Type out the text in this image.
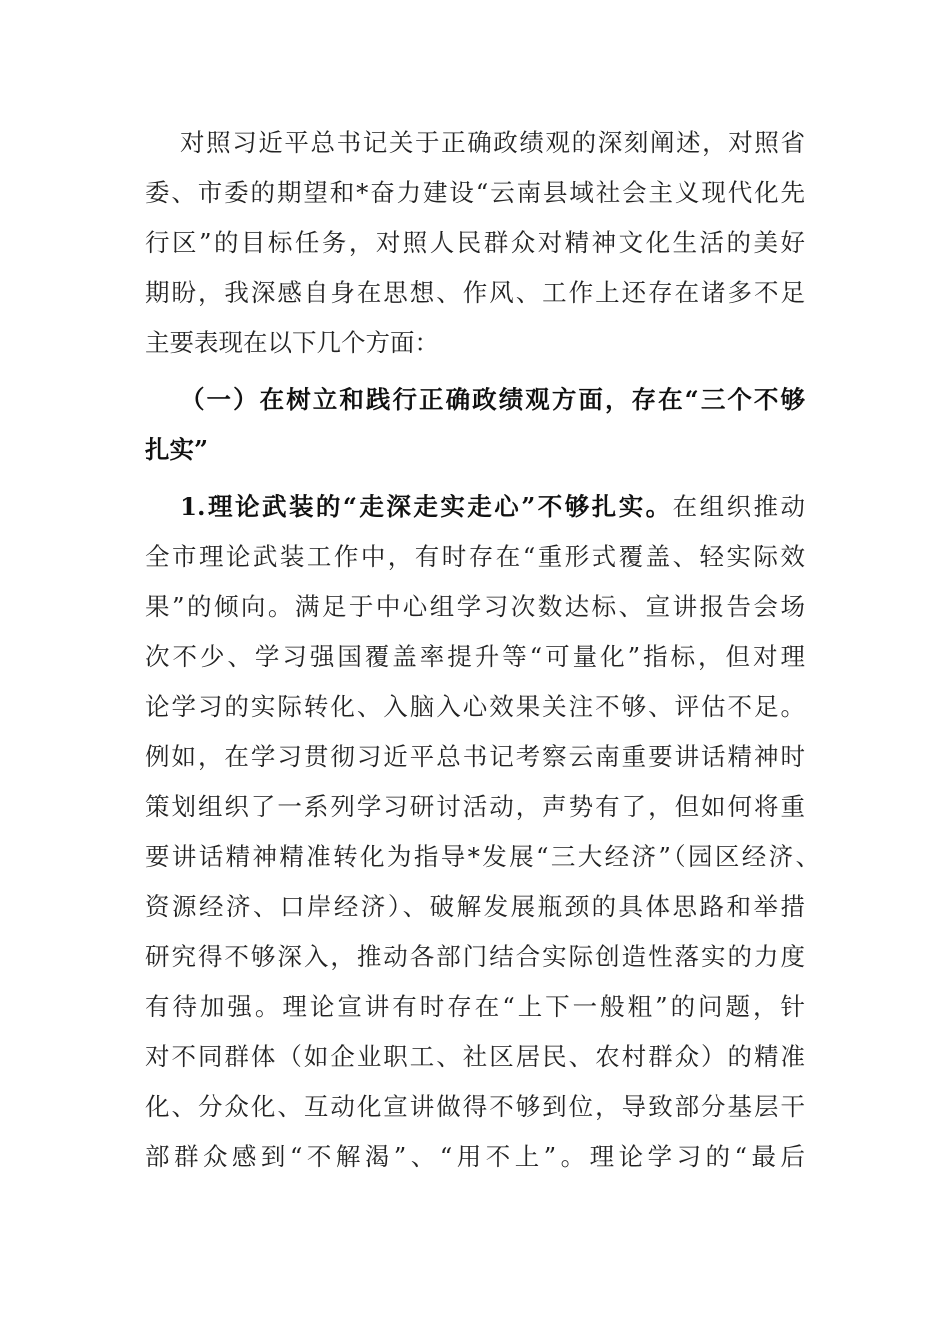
对照习近平总书记关于正确政绩观的深刻阐述，对照省
委、市委的期望和*奋力建设“云南县域社会主义现代化先
行区”的目标任务，对照人民群众对精神文化生活的美好
期盼，我深感自身在思想、作风、工作上还存在诸多不足
主要表现在以下几个方面：
（一）在树立和践行正确政绩观方面，存在“三个不够
扎实”
1.理论武装的“走深走实走心”不够扎实。在组织推动
全市理论武装工作中，有时存在“重形式覆盖、轻实际效
果”的倾向。满足于中心组学习次数达标、宣讲报告会场
次不少、学习强国覆盖率提升等“可量化”指标，但对理
论学习的实际转化、入脑入心效果关注不够、评估不足。
例如，在学习贯彻习近平总书记考察云南重要讲话精神时
策划组织了一系列学习研讨活动，声势有了，但如何将重
要讲话精神精准转化为指导*发展“三大经济”（园区经济、
资源经济、口岸经济）、破解发展瓶颈的具体思路和举措
研究得不够深入，推动各部门结合实际创造性落实的力度
有待加强。理论宣讲有时存在“上下一般粗”的问题，针
对不同群体（如企业职工、社区居民、农村群众）的精准
化、分众化、互动化宣讲做得不够到位，导致部分基层干
部群众感到“不解渴”、“用不上”。理论学习的“最后
